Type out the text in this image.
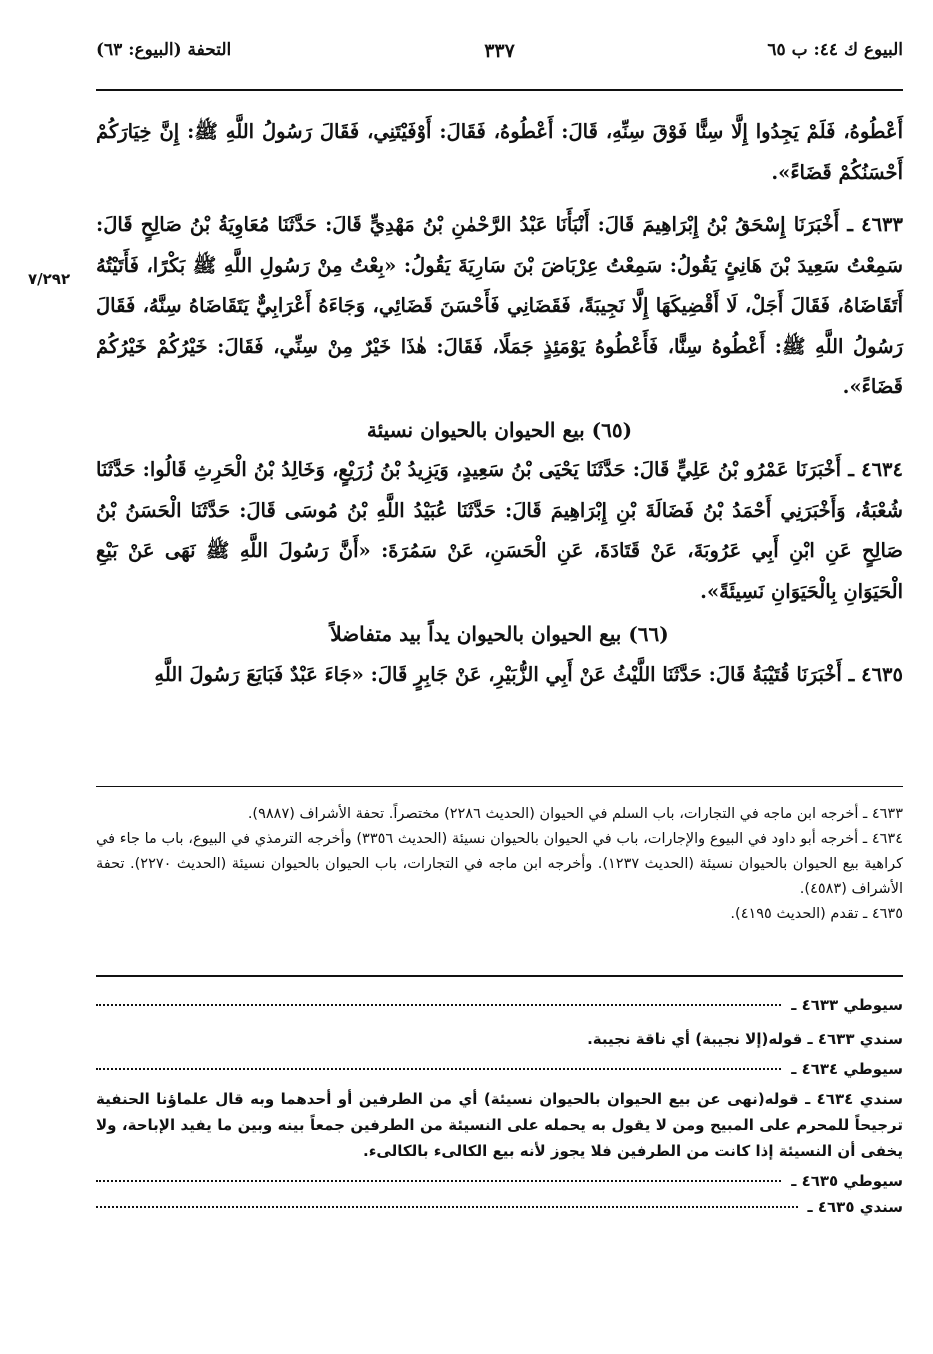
البيوع ك ٤٤: ب ٦٥
٣٣٧
التحفة (البيوع: ٦٣)
٧/٢٩٢

أَعْطُوهُ، فَلَمْ يَجِدُوا إِلَّا سِنًّا فَوْقَ سِنِّهِ، قَالَ: أَعْطُوهُ، فَقَالَ: أَوْفَيْتَنِي، فَقَالَ رَسُولُ اللَّهِ ﷺ: إِنَّ خِيَارَكُمْ أَحْسَنُكُمْ قَضَاءً».

٤٦٣٣ ـ أَخْبَرَنَا إِسْحَقُ بْنُ إِبْرَاهِيمَ قَالَ: أَنْبَأَنَا عَبْدُ الرَّحْمٰنِ بْنُ مَهْدِيٍّ قَالَ: حَدَّثَنَا مُعَاوِيَةُ بْنُ صَالِحٍ قَالَ: سَمِعْتُ سَعِيدَ بْنَ هَانِئٍ يَقُولُ: سَمِعْتُ عِرْبَاضَ بْنَ سَارِيَةَ يَقُولُ: «بِعْتُ مِنْ رَسُولِ اللَّهِ ﷺ بَكْرًا، فَأَتَيْتُهُ أَتَقَاضَاهُ، فَقَالَ أَجَلْ، لَا أَقْضِيكَهَا إِلَّا نَجِيبَةً، فَقَضَانِي فَأَحْسَنَ قَضَائِي، وَجَاءَهُ أَعْرَابِيٌّ يَتَقَاضَاهُ سِنَّهُ، فَقَالَ رَسُولُ اللَّهِ ﷺ: أَعْطُوهُ سِنًّا، فَأَعْطُوهُ يَوْمَئِذٍ جَمَلًا، فَقَالَ: هٰذَا خَيْرٌ مِنْ سِنِّي، فَقَالَ: خَيْرُكُمْ خَيْرُكُمْ قَضَاءً».

(٦٥) بيع الحيوان بالحيوان نسيئة

٤٦٣٤ ـ أَخْبَرَنَا عَمْرُو بْنُ عَلِيٍّ قَالَ: حَدَّثَنَا يَحْيَى بْنُ سَعِيدٍ، وَيَزِيدُ بْنُ زُرَيْعٍ، وَخَالِدُ بْنُ الْحَرِثِ قَالُوا: حَدَّثَنَا شُعْبَةُ، وَأَخْبَرَنِي أَحْمَدُ بْنُ فَضَالَةَ بْنِ إِبْرَاهِيمَ قَالَ: حَدَّثَنَا عُبَيْدُ اللَّهِ بْنُ مُوسَى قَالَ: حَدَّثَنَا الْحَسَنُ بْنُ صَالِحٍ عَنِ ابْنِ أَبِي عَرُوبَةَ، عَنْ قَتَادَةَ، عَنِ الْحَسَنِ، عَنْ سَمُرَةَ: «أَنَّ رَسُولَ اللَّهِ ﷺ نَهَى عَنْ بَيْعِ الْحَيَوَانِ بِالْحَيَوَانِ نَسِيئَةً».

(٦٦) بيع الحيوان بالحيوان يداً بيد متفاضلاً

٤٦٣٥ ـ أَخْبَرَنَا قُتَيْبَةُ قَالَ: حَدَّثَنَا اللَّيْثُ عَنْ أَبِي الزُّبَيْرِ، عَنْ جَابِرٍ قَالَ: «جَاءَ عَبْدٌ فَبَايَعَ رَسُولَ اللَّهِ

٤٦٣٣ ـ أخرجه ابن ماجه في التجارات، باب السلم في الحيوان (الحديث ٢٢٨٦) مختصراً. تحفة الأشراف (٩٨٨٧).

٤٦٣٤ ـ أخرجه أبو داود في البيوع والإجارات، باب في الحيوان بالحيوان نسيئة (الحديث ٣٣٥٦) وأخرجه الترمذي في البيوع، باب ما جاء في كراهية بيع الحيوان بالحيوان نسيئة (الحديث ١٢٣٧). وأخرجه ابن ماجه في التجارات، باب الحيوان بالحيوان نسيئة (الحديث ٢٢٧٠). تحفة الأشراف (٤٥٨٣).

٤٦٣٥ ـ تقدم (الحديث ٤١٩٥).

سيوطي ٤٦٣٣ ـ

سندي ٤٦٣٣ ـ قوله(إلا نجيبة) أي ناقة نجيبة.

سيوطي ٤٦٣٤ ـ

سندي ٤٦٣٤ ـ قوله(نهى عن بيع الحيوان بالحيوان نسيئة) أي من الطرفين أو أحدهما وبه قال علماؤنا الحنفية ترجيحاً للمحرم على المبيح ومن لا يقول به يحمله على النسيئة من الطرفين جمعاً بينه وبين ما يفيد الإباحة، ولا يخفى أن النسيئة إذا كانت من الطرفين فلا يجوز لأنه بيع الكالىء بالكالىء.

سيوطي ٤٦٣٥ ـ
سندي ٤٦٣٥ ـ
